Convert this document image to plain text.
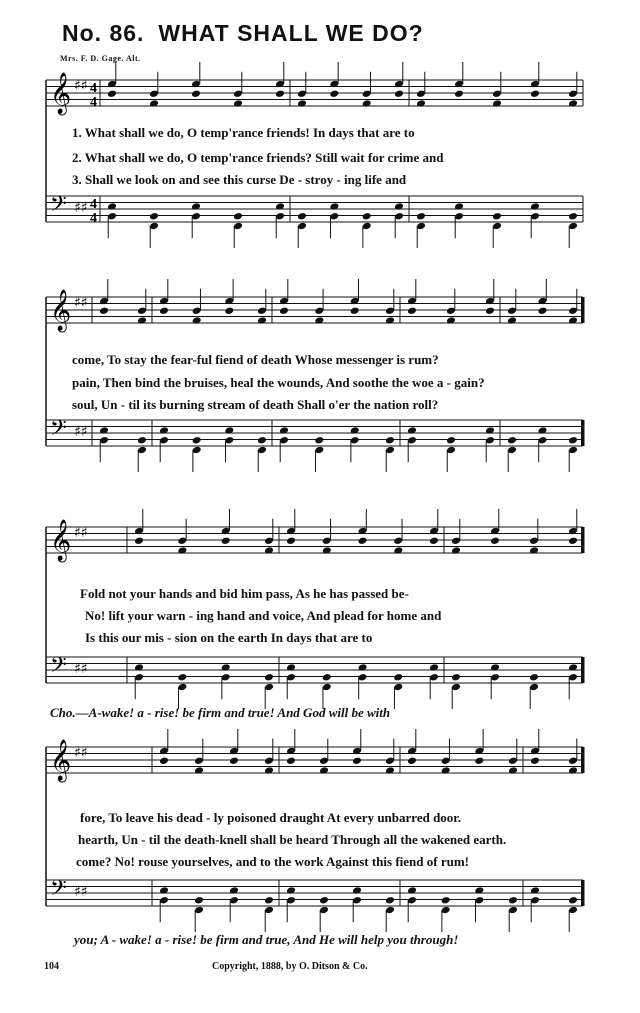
No. 86. WHAT SHALL WE DO?
Mrs. F. D. Gage. Alt.
𝄞 ♯♯ 4
4
𝄢 ♯♯ 4
4
𝄞 ♯♯
𝄢 ♯♯
𝄞 ♯♯
𝄢 ♯♯
𝄞 ♯♯
𝄢 ♯♯
1. What shall we do, O temp'rance friends! In days that are to
2. What shall we do, O temp'rance friends? Still wait for crime and
3. Shall we look on and see this curse De - stroy - ing life and
come, To stay the fear-ful fiend of death Whose messenger is rum?
pain, Then bind the bruises, heal the wounds, And soothe the woe a - gain?
soul, Un - til its burning stream of death Shall o'er the nation roll?
Fold not your hands and bid him pass, As he has passed be-
No! lift your warn - ing hand and voice, And plead for home and
Is this our mis - sion on the earth In days that are to
Cho.—A-wake! a - rise! be firm and true! And God will be with
fore, To leave his dead - ly poisoned draught At every unbarred door.
hearth, Un - til the death-knell shall be heard Through all the wakened earth.
come? No! rouse yourselves, and to the work Against this fiend of rum!
you; A - wake! a - rise! be firm and true, And He will help you through!
104	Copyright, 1888, by O. Ditson & Co.
